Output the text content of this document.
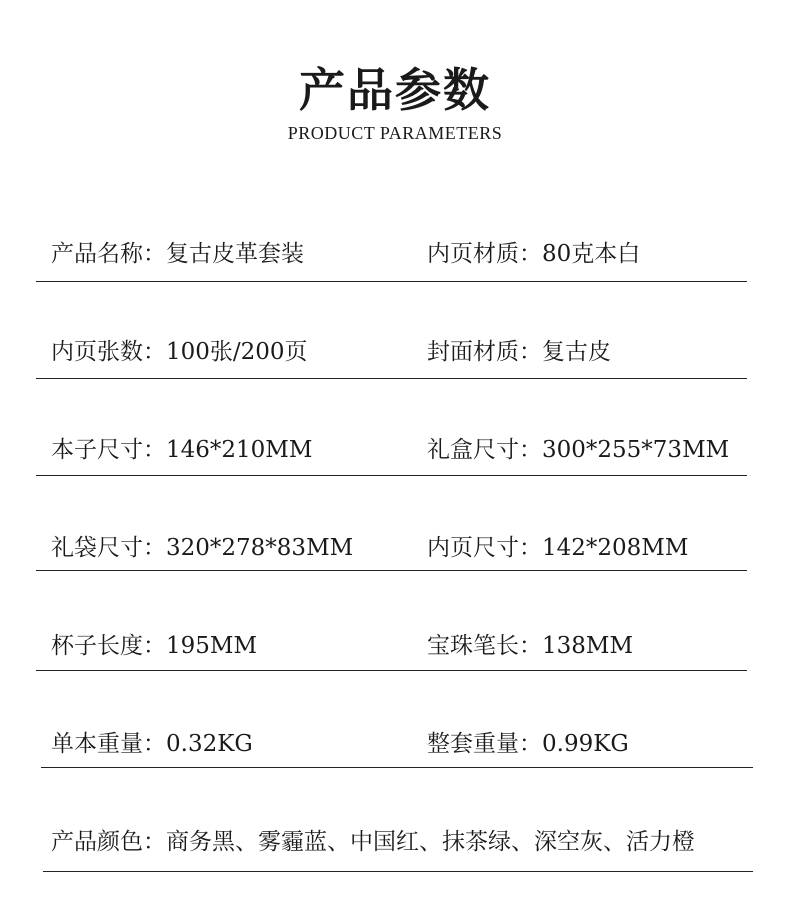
产品参数
PRODUCT PARAMETERS
产品名称：复古皮革套装	内页材质：80克本白
内页张数：100张/200页	封面材质：复古皮
本子尺寸：146*210MM	礼盒尺寸：300*255*73MM
礼袋尺寸：320*278*83MM	内页尺寸：142*208MM
杯子长度：195MM	宝珠笔长：138MM
单本重量：0.32KG	整套重量：0.99KG
产品颜色：商务黑、雾霾蓝、中国红、抹茶绿、深空灰、活力橙
